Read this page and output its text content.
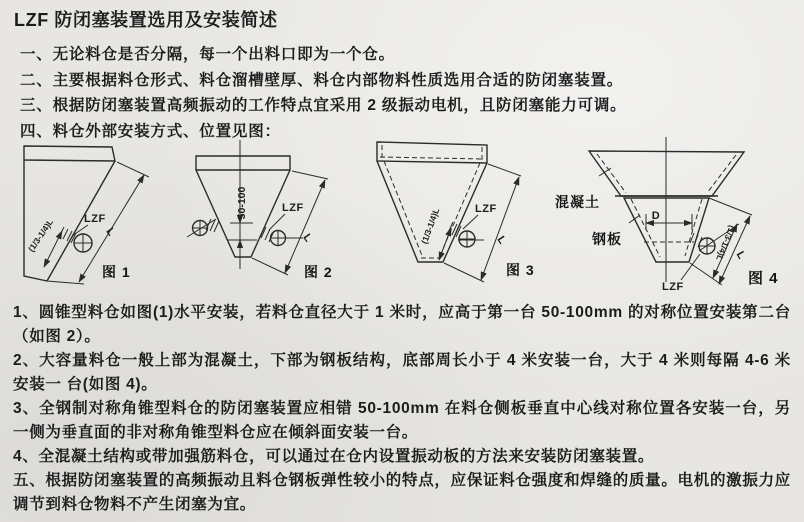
LZF 防闭塞装置选用及安装简述
一、无论料仓是否分隔，每一个出料口即为一个仓。
二、主要根据料仓形式、料仓溜槽壁厚、料仓内部物料性质选用合适的防闭塞装置。
三、根据防闭塞装置高频振动的工作特点宜采用 2 级振动电机，且防闭塞能力可调。
四、料仓外部安装方式、位置见图：
L
(1/3-1/4)L	LZF
图 1
50-100
L
LZF
图 2
L
(1/3-1/4)L	LZF
图 3
D
(1/3-1/4)L
L
混凝土
钢板
LZF	图 4

1、圆锥型料仓如图(1)水平安装，若料仓直径大于 1 米时，应高于第一台 50-100mm 的对称位置安装第二台（如图 2）。

2、大容量料仓一般上部为混凝土，下部为钢板结构，底部周长小于 4 米安装一台，大于 4 米则每隔 4-6 米安装一 台(如图 4)。

3、全钢制对称角锥型料仓的防闭塞装置应相错 50-100mm 在料仓侧板垂直中心线对称位置各安装一台，另一侧为垂直面的非对称角锥型料仓应在倾斜面安装一台。

4、全混凝土结构或带加强筋料仓，可以通过在仓内设置振动板的方法来安装防闭塞装置。

五、根据防闭塞装置的高频振动且料仓钢板弹性较小的特点，应保证料仓强度和焊缝的质量。电机的激振力应调节到料仓物料不产生闭塞为宜。
